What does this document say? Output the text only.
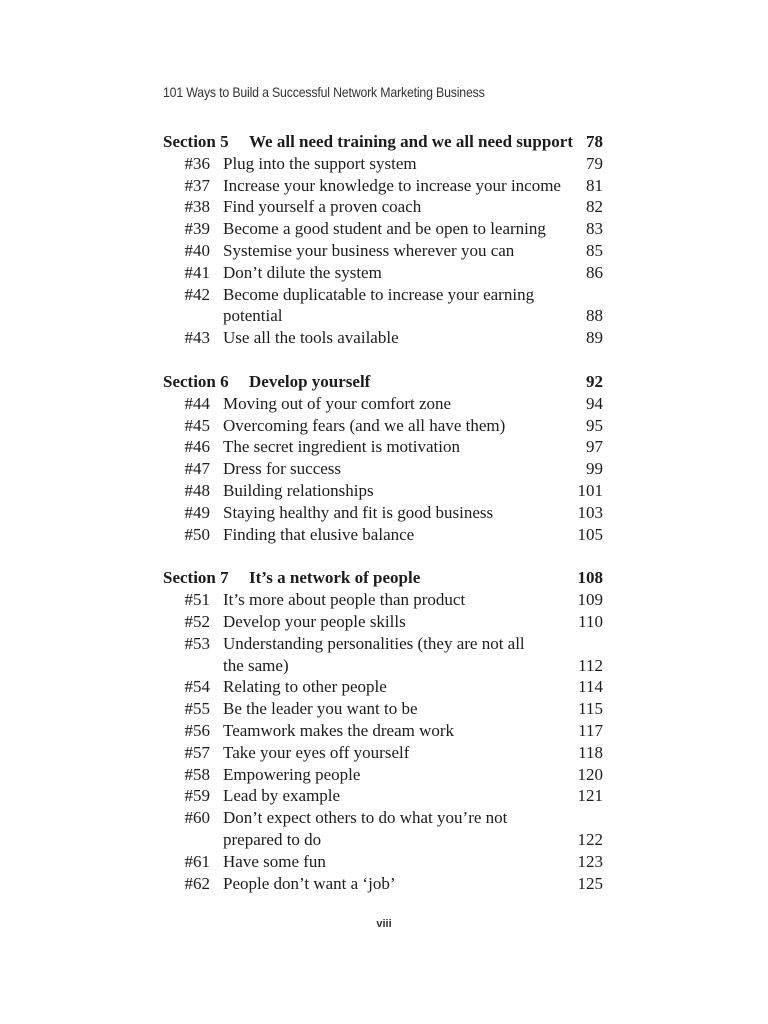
101 Ways to Build a Successful Network Marketing Business
Section 5 We all need training and we all need support 78
#36 Plug into the support system	79
#37 Increase your knowledge to increase your income 81
#38 Find yourself a proven coach	82
#39 Become a good student and be open to learning 83
#40 Systemise your business wherever you can	85
#41 Don’t dilute the system	86
#42 Become duplicatable to increase your earning
potential	88
#43 Use all the tools available	89
Section 6 Develop yourself	92
#44 Moving out of your comfort zone	94
#45 Overcoming fears (and we all have them)	95
#46 The secret ingredient is motivation	97
#47 Dress for success	99
#48 Building relationships	101
#49 Staying healthy and fit is good business	103
#50 Finding that elusive balance	105
Section 7 It’s a network of people	108
#51 It’s more about people than product	109
#52 Develop your people skills	110
#53 Understanding personalities (they are not all
the same)	112
#54 Relating to other people	114
#55 Be the leader you want to be	115
#56 Teamwork makes the dream work	117
#57 Take your eyes off yourself	118
#58 Empowering people	120
#59 Lead by example	121
#60 Don’t expect others to do what you’re not
prepared to do	122
#61 Have some fun	123
#62 People don’t want a ‘job’	125
viii
